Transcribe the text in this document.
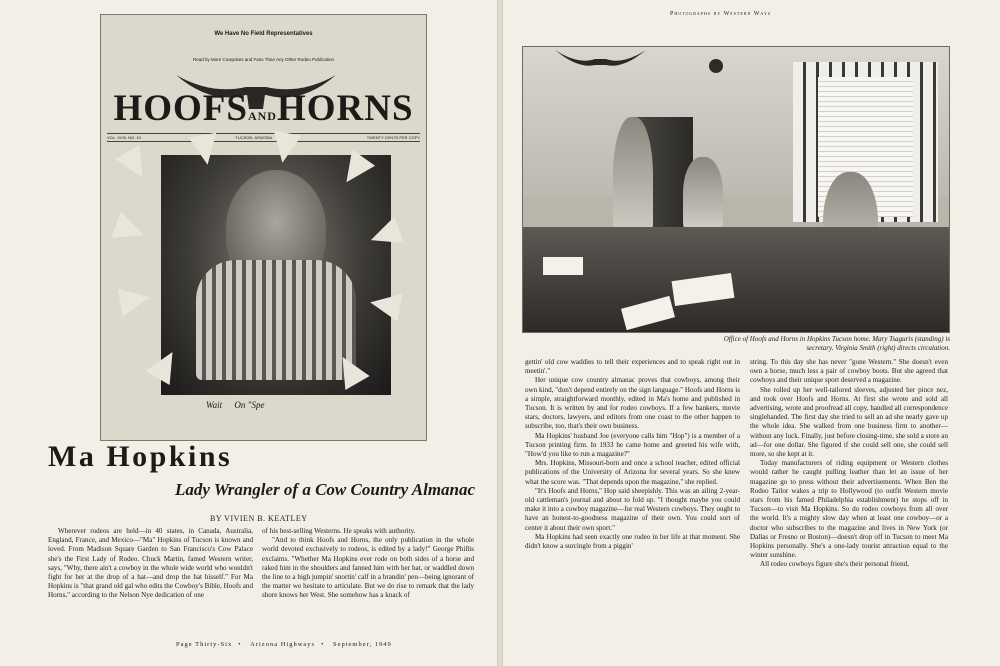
We Have No Field Representatives
Read by More Cowpokes and Fans Than Any Other Rodeo Publication
HOOFSANDHORNS
VOL. XVIII, NO. 10	TUCSON, ARIZONA	TWENTY CENTS PER COPY
Wait On "Spe
Ma Hopkins
Lady Wrangler of a Cow Country Almanac
BY VIVIEN B. KEATLEY

Wherever rodeos are held—in 40 states, in Canada, Australia, England, France, and Mexico—"Ma" Hopkins of Tucson is known and loved. From Madison Square Garden to San Francisco's Cow Palace she's the First Lady of Rodeo. Chuck Martin, famed Western writer, says, "Why, there ain't a cowboy in the whole wide world who wouldn't fight for her at the drop of a hat—and drop the hat hisself." For Ma Hopkins is "that grand old gal who edits the Cowboy's Bible, Hoofs and Horns," according to the Nelson Nye dedication of one

of his best-selling Westerns. He speaks with authority.

"And to think Hoofs and Horns, the only publication in the whole world devoted exclusively to rodeos, is edited by a lady!" George Phillis exclaims. "Whether Ma Hopkins ever rode on both sides of a horse and raked him in the shoulders and fanned him with her hat, or waddled down the line to a high jumpin' snortin' calf in a brandin' pen—being ignorant of the matter we hesitate to articulate. But we do rise to remark that the lady shore knows her West. She somehow has a knack of

Page Thirty-Six • Arizona Highways • September, 1949
Photographs by Western Ways
Office of Hoofs and Horns in Hopkins Tucson home. Mary Tsaguris (standing) is secretary. Virginia Smith (right) directs circulation.

gettin' old cow waddies to tell their experiences and to speak right out in meetin'."

Her unique cow country almanac proves that cowboys, among their own kind, "don't depend entirely on the sign language." Hoofs and Horns is a simple, straightforward monthly, edited in Ma's home and published in Tucson. It is written by and for rodeo cowboys. If a few bankers, movie stars, doctors, lawyers, and editors from one coast to the other happen to subscribe, too, that's their own business.

Ma Hopkins' husband Joe (everyone calls him "Hop") is a member of a Tucson printing firm. In 1933 he came home and greeted his wife with, "How'd you like to run a magazine?"

Mrs. Hopkins, Missouri-born and once a school teacher, edited official publications of the University of Arizona for several years. So she knew what the score was. "That depends upon the magazine," she replied.

"It's Hoofs and Horns," Hop said sheepishly. This was an ailing 2-year-old cattleman's journal and about to fold up. "I thought maybe you could make it into a cowboy magazine—for real Western cowboys. They ought to have an honest-to-goodness magazine of their own. You could sort of center it about their own sport."

Ma Hopkins had seen exactly one rodeo in her life at that moment. She didn't know a surcingle from a piggin'

string. To this day she has never "gone Western." She doesn't even own a horse, much less a pair of cowboy boots. But she agreed that cowboys and their unique sport deserved a magazine.

She rolled up her well-tailored sleeves, adjusted her pince nez, and took over Hoofs and Horns. At first she wrote and sold all advertising, wrote and proofread all copy, handled all correspondence singlehanded. The first day she tried to sell an ad she nearly gave up the whole idea. She walked from one business firm to another—without any luck. Finally, just before closing-time, she sold a store an ad—for one dollar. She figured if she could sell one, she could sell more, so she kept at it.

Today manufacturers of riding equipment or Western clothes would rather be caught pulling leather than let an issue of her magazine go to press without their advertisements. When Ben the Rodeo Tailor wakes a trip to Hollywood (to outfit Western movie stars from his famed Philadelphia establishment) he stops off in Tucson—to visit Ma Hopkins. So do rodeo cowboys from all over the world. It's a mighty slow day when at least one cowboy—or a doctor who subscribes to the magazine and lives in New York (or Dallas or Fresno or Boston)—doesn't drop off in Tucson to meet Ma Hopkins personally. She's a one-lady tourist attraction equal to the winter sunshine.

All rodeo cowboys figure she's their personal friend,
